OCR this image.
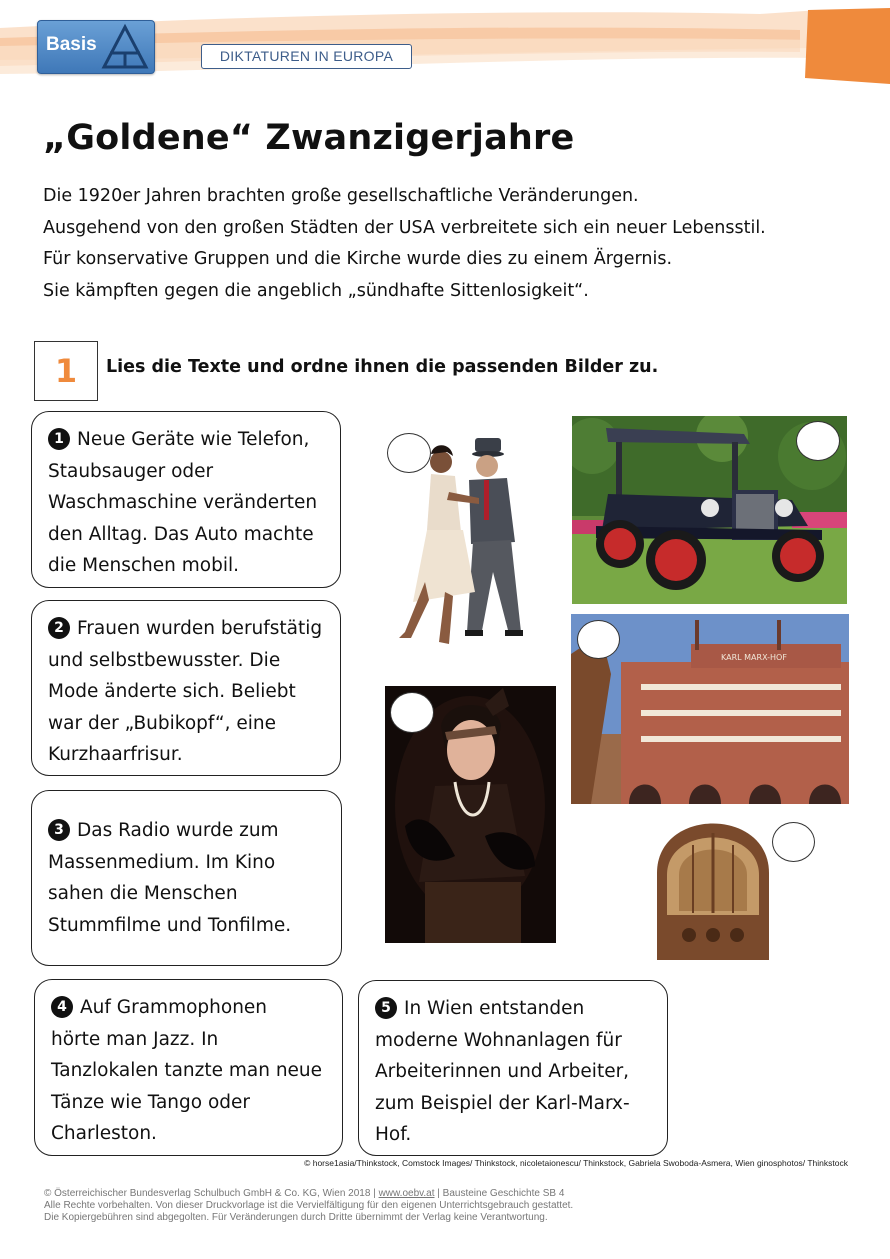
Basis
DIKTATUREN IN EUROPA
„Goldene“ Zwanzigerjahre
Die 1920er Jahren brachten große gesellschaftliche Veränderungen.
Ausgehend von den großen Städten der USA verbreitete sich ein neuer Lebensstil.
Für konservative Gruppen und die Kirche wurde dies zu einem Ärgernis.
Sie kämpften gegen die angeblich „sündhafte Sittenlosigkeit“.
1	Lies die Texte und ordne ihnen die passenden Bilder zu.
1 Neue Geräte wie Telefon,
Staubsauger oder
Waschmaschine veränderten
den Alltag. Das Auto machte
die Menschen mobil.
2 Frauen wurden berufstätig
und selbstbewusster. Die
Mode änderte sich. Beliebt
war der „Bubikopf“, eine
Kurzhaarfrisur.
3 Das Radio wurde zum
Massenmedium. Im Kino
sahen die Menschen
Stummfilme und Tonfilme.
4 Auf Grammophonen
hörte man Jazz. In
Tanzlokalen tanzte man neue
Tänze wie Tango oder
Charleston.
5 In Wien entstanden
moderne Wohnanlagen für
Arbeiterinnen und Arbeiter,
zum Beispiel der Karl-Marx-
Hof.
KARL MARX-HOF
© horse1asia/Thinkstock, Comstock Images/ Thinkstock, nicoletaionescu/ Thinkstock, Gabriela Swoboda-Asmera, Wien ginosphotos/ Thinkstock
© Österreichischer Bundesverlag Schulbuch GmbH & Co. KG, Wien 2018 | www.oebv.at | Bausteine Geschichte SB 4
Alle Rechte vorbehalten. Von dieser Druckvorlage ist die Vervielfältigung für den eigenen Unterrichtsgebrauch gestattet.
Die Kopiergebühren sind abgegolten. Für Veränderungen durch Dritte übernimmt der Verlag keine Verantwortung.
